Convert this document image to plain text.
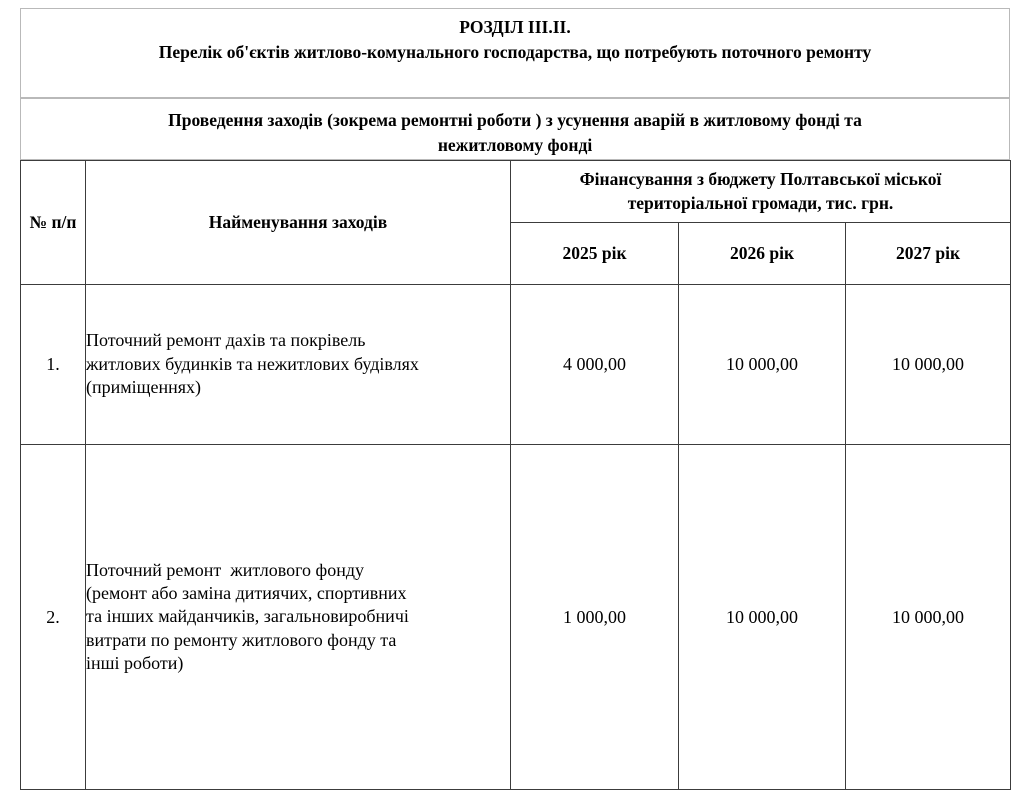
РОЗДІЛ ІІІ.ІІ.
Перелік об'єктів житлово-комунального господарства, що потребують поточного ремонту
Проведення заходів (зокрема ремонтні роботи ) з усунення аварій в житловому фонді та
нежитловому фонді
№ п/п	Найменування заходів	Фінансування з бюджету Полтавської міської
територіальної громади, тис. грн.		

		2025 рік	2026 рік	2027 рік
1.	Поточний ремонт дахів та покрівель
житлових будинків та нежитлових будівлях
(приміщеннях)	4 000,00	10 000,00	10 000,00
2.	Поточний ремонт  житлового фонду
(ремонт або заміна дитиячих, спортивних
та інших майданчиків, загальновиробничі
витрати по ремонту житлового фонду та
інші роботи)	1 000,00	10 000,00	10 000,00
